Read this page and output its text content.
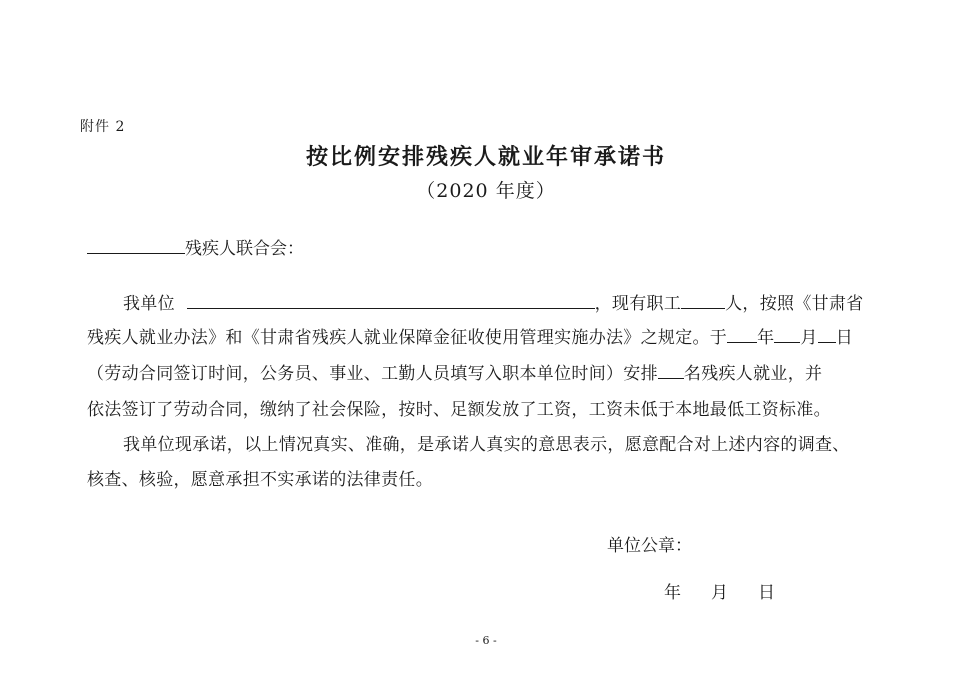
附件 2
按比例安排残疾人就业年审承诺书
（2020 年度）
残疾人联合会：
我单位	，现有职工	人，按照《甘肃省
残疾人就业办法》和《甘肃省残疾人就业保障金征收使用管理实施办法》之规定。于 年 月 日
（劳动合同签订时间，公务员、事业、工勤人员填写入职本单位时间）安排 名残疾人就业，并
依法签订了劳动合同，缴纳了社会保险，按时、足额发放了工资，工资未低于本地最低工资标准。
我单位现承诺，以上情况真实、准确，是承诺人真实的意思表示，愿意配合对上述内容的调查、
核查、核验，愿意承担不实承诺的法律责任。
单位公章：
年 月 日
- 6 -
